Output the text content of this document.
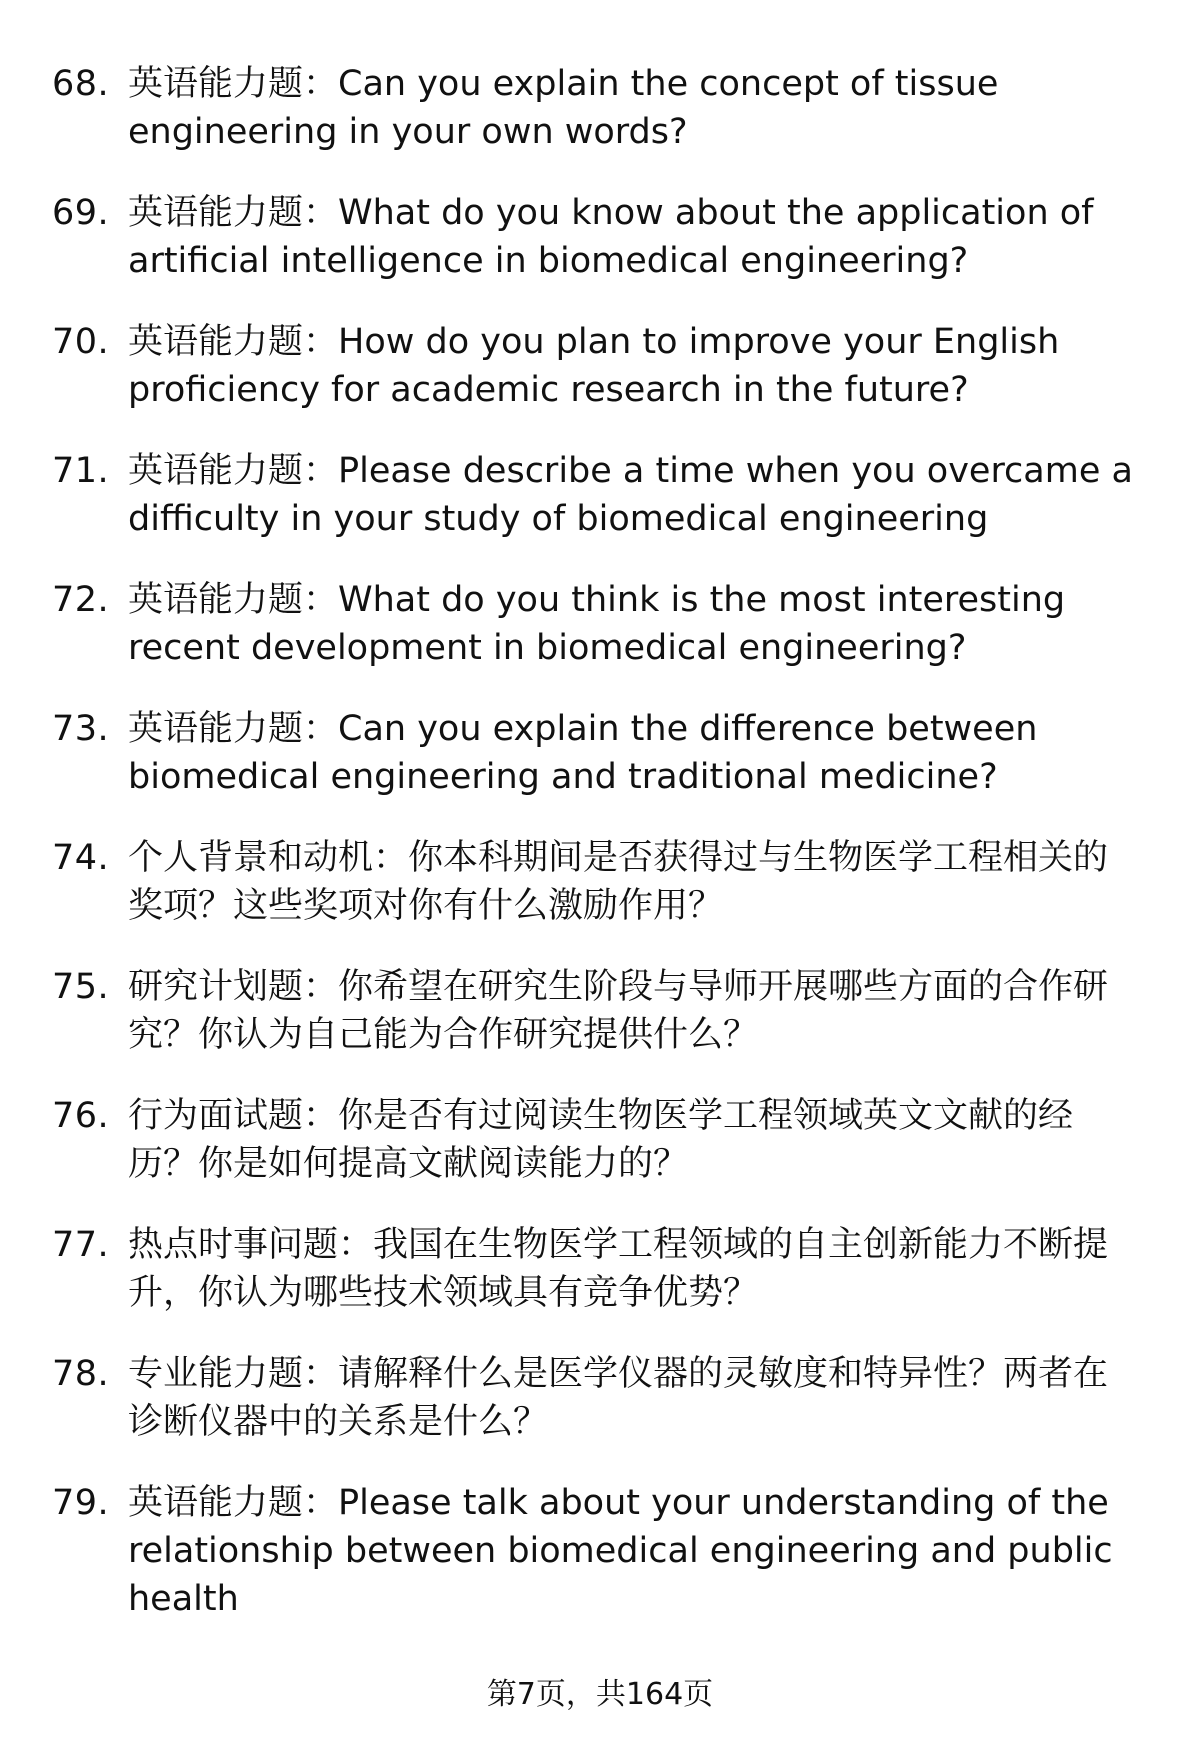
68. 英语能力题：Can you explain the concept of tissue engineering in your own words?
69. 英语能力题：What do you know about the application of artificial intelligence in biomedical engineering?
70. 英语能力题：How do you plan to improve your English proficiency for academic research in the future?
71. 英语能力题：Please describe a time when you overcame a difficulty in your study of biomedical engineering
72. 英语能力题：What do you think is the most interesting recent development in biomedical engineering?
73. 英语能力题：Can you explain the difference between biomedical engineering and traditional medicine?
74. 个人背景和动机：你本科期间是否获得过与生物医学工程相关的奖项？这些奖项对你有什么激励作用？
75. 研究计划题：你希望在研究生阶段与导师开展哪些方面的合作研究？你认为自己能为合作研究提供什么？
76. 行为面试题：你是否有过阅读生物医学工程领域英文文献的经历？你是如何提高文献阅读能力的？
77. 热点时事问题：我国在生物医学工程领域的自主创新能力不断提升，你认为哪些技术领域具有竞争优势？
78. 专业能力题：请解释什么是医学仪器的灵敏度和特异性？两者在诊断仪器中的关系是什么？
79. 英语能力题：Please talk about your understanding of the relationship between biomedical engineering and public health
第7页，共164页
